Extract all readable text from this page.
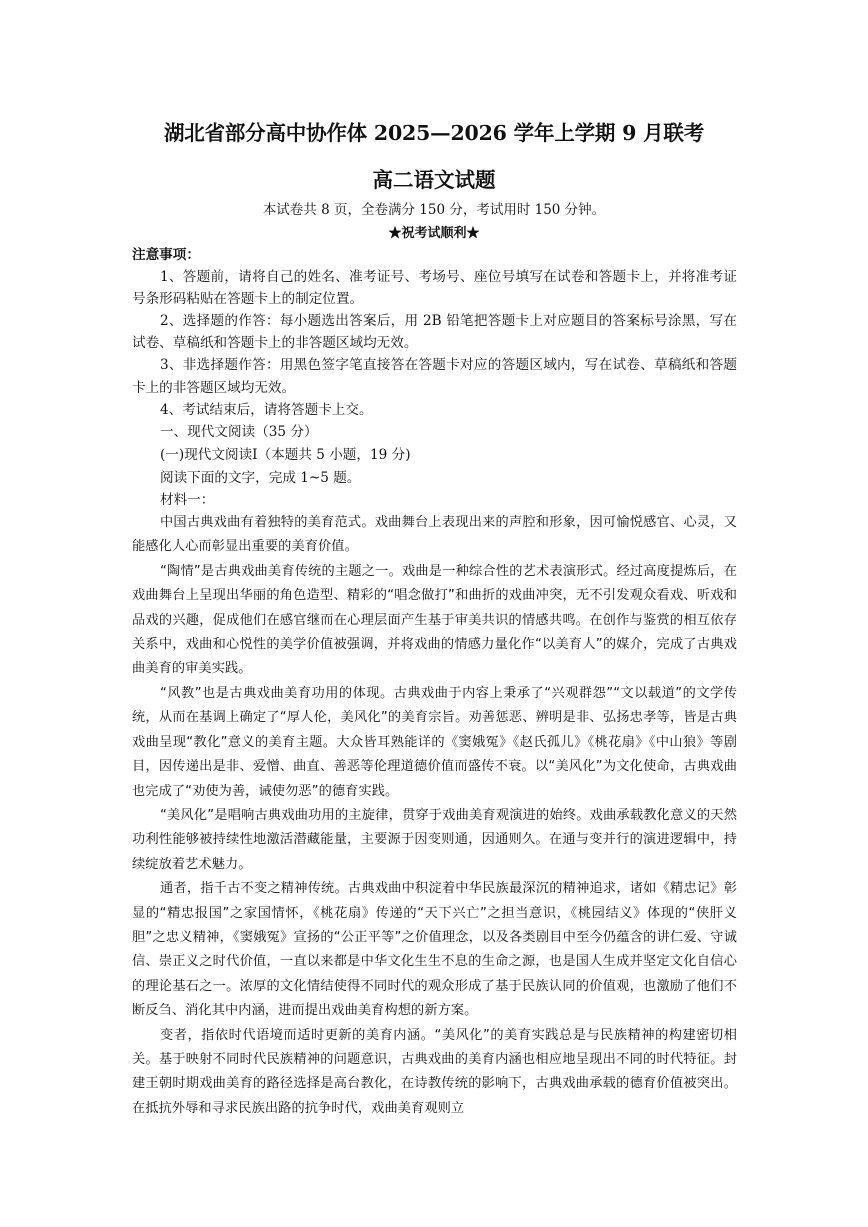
湖北省部分高中协作体 2025—2026 学年上学期 9 月联考
高二语文试题
本试卷共 8 页，全卷满分 150 分，考试用时 150 分钟。
★祝考试顺利★

注意事项：

1、答题前，请将自己的姓名、准考证号、考场号、座位号填写在试卷和答题卡上，并将准考证号条形码粘贴在答题卡上的制定位置。

2、选择题的作答：每小题选出答案后，用 2B 铅笔把答题卡上对应题目的答案标号涂黑，写在试卷、草稿纸和答题卡上的非答题区域均无效。

3、非选择题作答：用黑色签字笔直接答在答题卡对应的答题区域内，写在试卷、草稿纸和答题卡上的非答题区域均无效。

4、考试结束后，请将答题卡上交。

一、现代文阅读（35 分）

(一)现代文阅读Ⅰ（本题共 5 小题，19 分)

阅读下面的文字，完成 1~5 题。

材料一：

中国古典戏曲有着独特的美育范式。戏曲舞台上表现出来的声腔和形象，因可愉悦感官、心灵，又能感化人心而彰显出重要的美育价值。

“陶情”是古典戏曲美育传统的主题之一。戏曲是一种综合性的艺术表演形式。经过高度提炼后，在戏曲舞台上呈现出华丽的角色造型、精彩的“唱念做打”和曲折的戏曲冲突，无不引发观众看戏、听戏和品戏的兴趣，促成他们在感官继而在心理层面产生基于审美共识的情感共鸣。在创作与鉴赏的相互依存关系中，戏曲和心悦性的美学价值被强调，并将戏曲的情感力量化作“以美育人”的媒介，完成了古典戏曲美育的审美实践。

“风教”也是古典戏曲美育功用的体现。古典戏曲于内容上秉承了“兴观群怨”“文以载道”的文学传统，从而在基调上确定了“厚人伦，美风化”的美育宗旨。劝善惩恶、辨明是非、弘扬忠孝等，皆是古典戏曲呈现“教化”意义的美育主题。大众皆耳熟能详的《窦娥冤》《赵氏孤儿》《桃花扇》《中山狼》等剧目，因传递出是非、爱憎、曲直、善恶等伦理道德价值而盛传不衰。以“美风化”为文化使命，古典戏曲也完成了“劝使为善，诫使勿恶”的德育实践。

“美风化”是唱响古典戏曲功用的主旋律，贯穿于戏曲美育观演进的始终。戏曲承载教化意义的天然功利性能够被持续性地激活潜藏能量，主要源于因变则通，因通则久。在通与变并行的演进逻辑中，持续绽放着艺术魅力。

通者，指千古不变之精神传统。古典戏曲中积淀着中华民族最深沉的精神追求，诸如《精忠记》彰显的“精忠报国”之家国情怀，《桃花扇》传递的“天下兴亡”之担当意识，《桃园结义》体现的“侠肝义胆”之忠义精神，《窦娥冤》宣扬的“公正平等”之价值理念，以及各类剧目中至今仍蕴含的讲仁爱、守诚信、崇正义之时代价值，一直以来都是中华文化生生不息的生命之源，也是国人生成并坚定文化自信心的理论基石之一。浓厚的文化情结使得不同时代的观众形成了基于民族认同的价值观，也激励了他们不断反刍、消化其中内涵，进而提出戏曲美育构想的新方案。

变者，指依时代语境而适时更新的美育内涵。“美风化”的美育实践总是与民族精神的构建密切相关。基于映射不同时代民族精神的问题意识，古典戏曲的美育内涵也相应地呈现出不同的时代特征。封建王朝时期戏曲美育的路径选择是高台教化，在诗教传统的影响下，古典戏曲承载的德育价值被突出。在抵抗外辱和寻求民族出路的抗争时代，戏曲美育观则立
